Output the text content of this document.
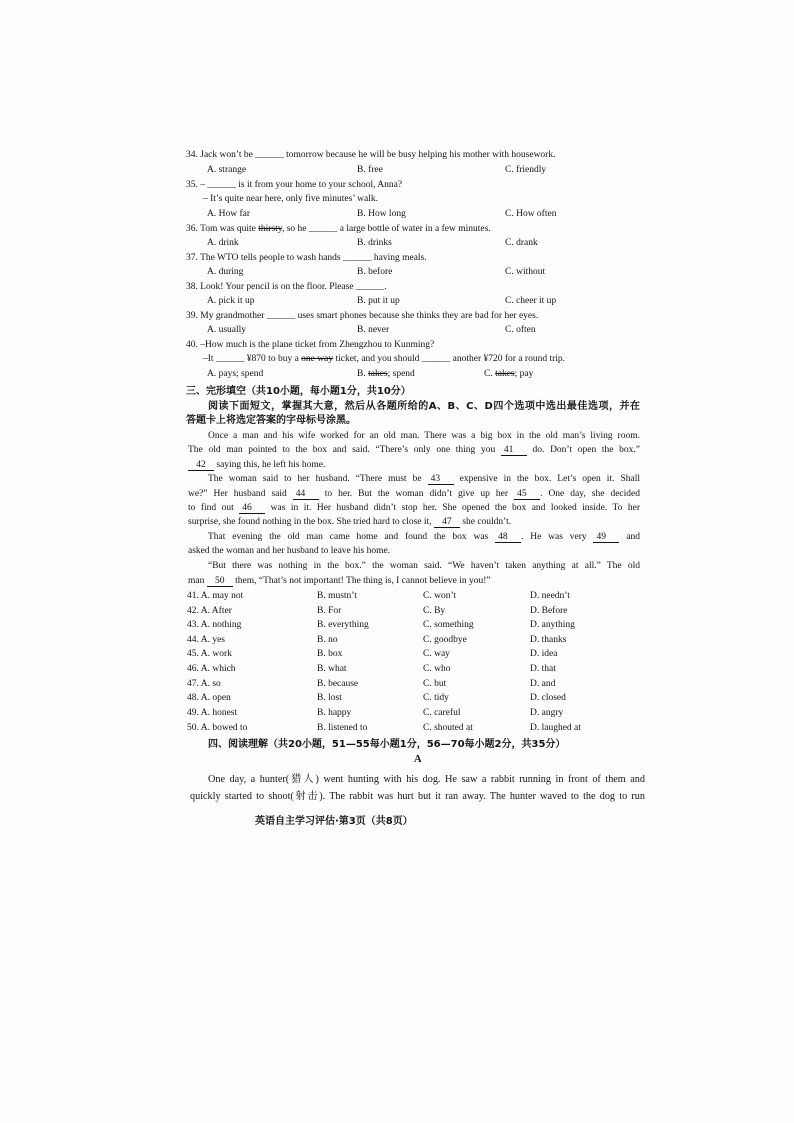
34. Jack won’t be ______ tomorrow because he will be busy helping his mother with housework.
A. strange	B. free	C. friendly
35. – ______ is it from your home to your school, Anna?
– It’s quite near here, only five minutes’ walk.
A. How far	B. How long	C. How often
36. Tom was quite thirsty, so he ______ a large bottle of water in a few minutes.
A. drink	B. drinks	C. drank
37. The WTO tells people to wash hands ______ having meals.
A. during	B. before	C. without
38. Look! Your pencil is on the floor. Please ______.
A. pick it up	B. put it up	C. cheer it up
39. My grandmother ______ uses smart phones because she thinks they are bad for her eyes.
A. usually	B. never	C. often
40. –How much is the plane ticket from Zhengzhou to Kunming?
–It ______ ¥870 to buy a one way ticket, and you should ______ another ¥720 for a round trip.
A. pays; spend	B. takes; spend	C. takes; pay
三、完形填空（共10小题，每小题1分，共10分）
阅读下面短文，掌握其大意，然后从各题所给的A、B、C、D四个选项中选出最佳选项，并在
答题卡上将选定答案的字母标号涂黑。
Once a man and his wife worked for an old man. There was a big box in the old man’s living room.
The old man pointed to the box and said. “There’s only one thing you 41 do. Don’t open the box.”
42 saying this, he left his home.
The woman said to her husband. “There must be 43 expensive in the box. Let’s open it. Shall
we?” Her husband said 44 to her. But the woman didn’t give up her 45 . One day, she decided
to find out 46 was in it. Her husband didn’t stop her. She opened the box and looked inside. To her
surprise, she found nothing in the box. She tried hard to close it, 47 she couldn’t.
That evening the old man came home and found the box was 48 . He was very 49 and
asked the woman and her husband to leave his home.
“But there was nothing in the box.” the woman said. “We haven’t taken anything at all.” The old
man 50 them, “That’s not important! The thing is, I cannot believe in you!”
41. A. may not	B. mustn’t	C. won’t	D. needn’t
42. A. After	B. For	C. By	D. Before
43. A. nothing	B. everything	C. something	D. anything
44. A. yes	B. no	C. goodbye	D. thanks
45. A. work	B. box	C. way	D. idea
46. A. which	B. what	C. who	D. that
47. A. so	B. because	C. but	D. and
48. A. open	B. lost	C. tidy	D. closed
49. A. honest	B. happy	C. careful	D. angry
50. A. bowed to	B. listened to	C. shouted at	D. laughed at
四、阅读理解（共20小题，51—55每小题1分，56—70每小题2分，共35分）
A
One day, a hunter(猎人) went hunting with his dog. He saw a rabbit running in front of them and
quickly started to shoot(射击). The rabbit was hurt but it ran away. The hunter waved to the dog to run
英语自主学习评估·第3页（共8页）
